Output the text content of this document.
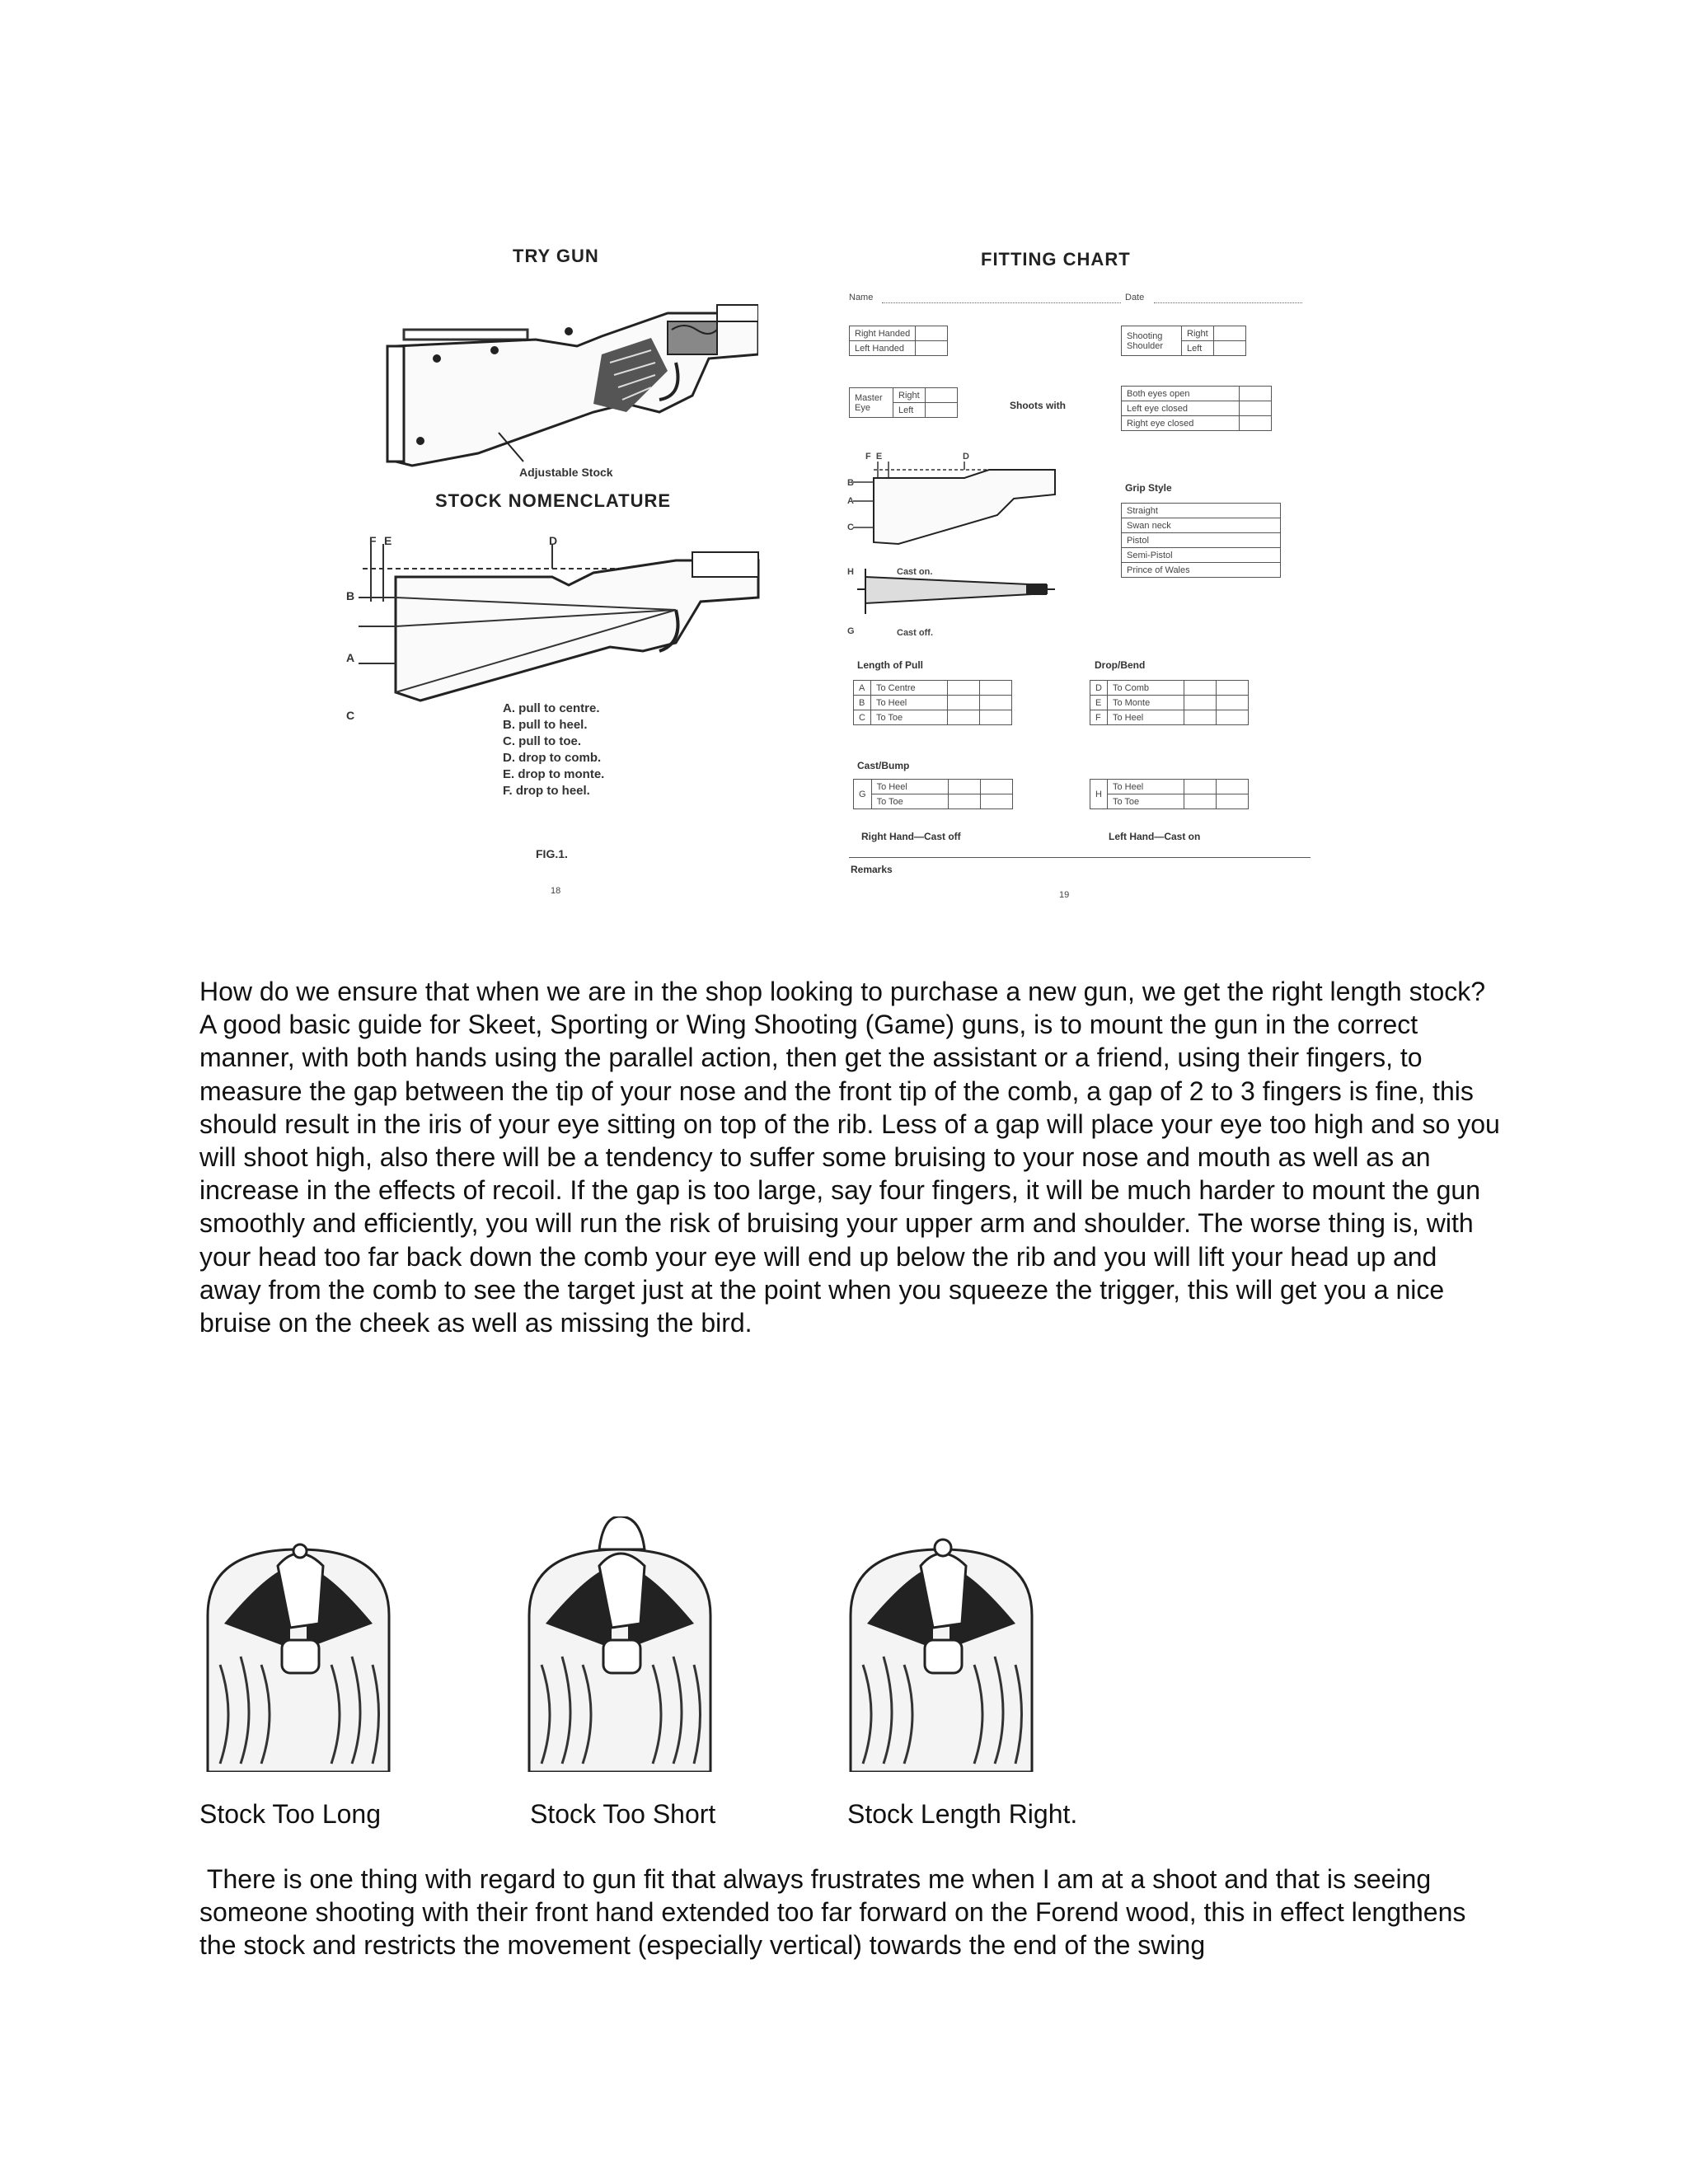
TRY GUN
Adjustable Stock
STOCK NOMENCLATURE
F E	D
B
A
C	A. pull to centre.
B. pull to heel.
C. pull to toe.
D. drop to comb.
E. drop to monte.
F. drop to heel.
FIG.1.
18
FITTING CHART
Name	Date
Right Handed	
Left Handed	
Shooting Shoulder	Right	
	Left	
Master Eye	Right	
	Left		Shoots with
Both eyes open	
Left eye closed	
Right eye closed	
F  E	D
B
A
C
H
G
Cast on.
Cast off.
Grip Style
Straight
Swan neck
Pistol
Semi-Pistol
Prince of Wales
Length of Pull
A	To Centre		
B	To Heel		
C	To Toe		
Drop/Bend
D	To Comb		
E	To Monte		
F	To Heel		
Cast/Bump
G	To Heel		
	To Toe		
H	To Heel		
	To Toe		
Right Hand—Cast off	Left Hand—Cast on
Remarks
19

How do we ensure that when we are in the shop looking to purchase a new gun, we get the right length stock? A good basic guide for Skeet, Sporting or Wing Shooting (Game) guns, is to mount the gun in the correct manner, with both hands using the parallel action, then get the assistant or a friend, using their fingers, to measure the gap between the tip of your nose and the front tip of the comb, a gap of 2 to 3 fingers is fine, this should result in the iris of your eye sitting on top of the rib. Less of a gap will place your eye too high and so you will shoot high, also there will be a tendency to suffer some bruising to your nose and mouth as well as an increase in the effects of recoil. If the gap is too large, say four fingers, it will be much harder to mount the gun smoothly and efficiently, you will run the risk of bruising your upper arm and shoulder. The worse thing is, with your head too far back down the comb your eye will end up below the rib and you will lift your head up and away from the comb to see the target just at the point when you squeeze the trigger, this will get you a nice bruise on the cheek as well as missing the bird.

Stock Too Long	Stock Too Short	Stock Length Right.

There is one thing with regard to gun fit that always frustrates me when I am at a shoot and that is seeing someone shooting with their front hand extended too far forward on the Forend wood, this in effect lengthens the stock and restricts the movement (especially vertical) towards the end of the swing
